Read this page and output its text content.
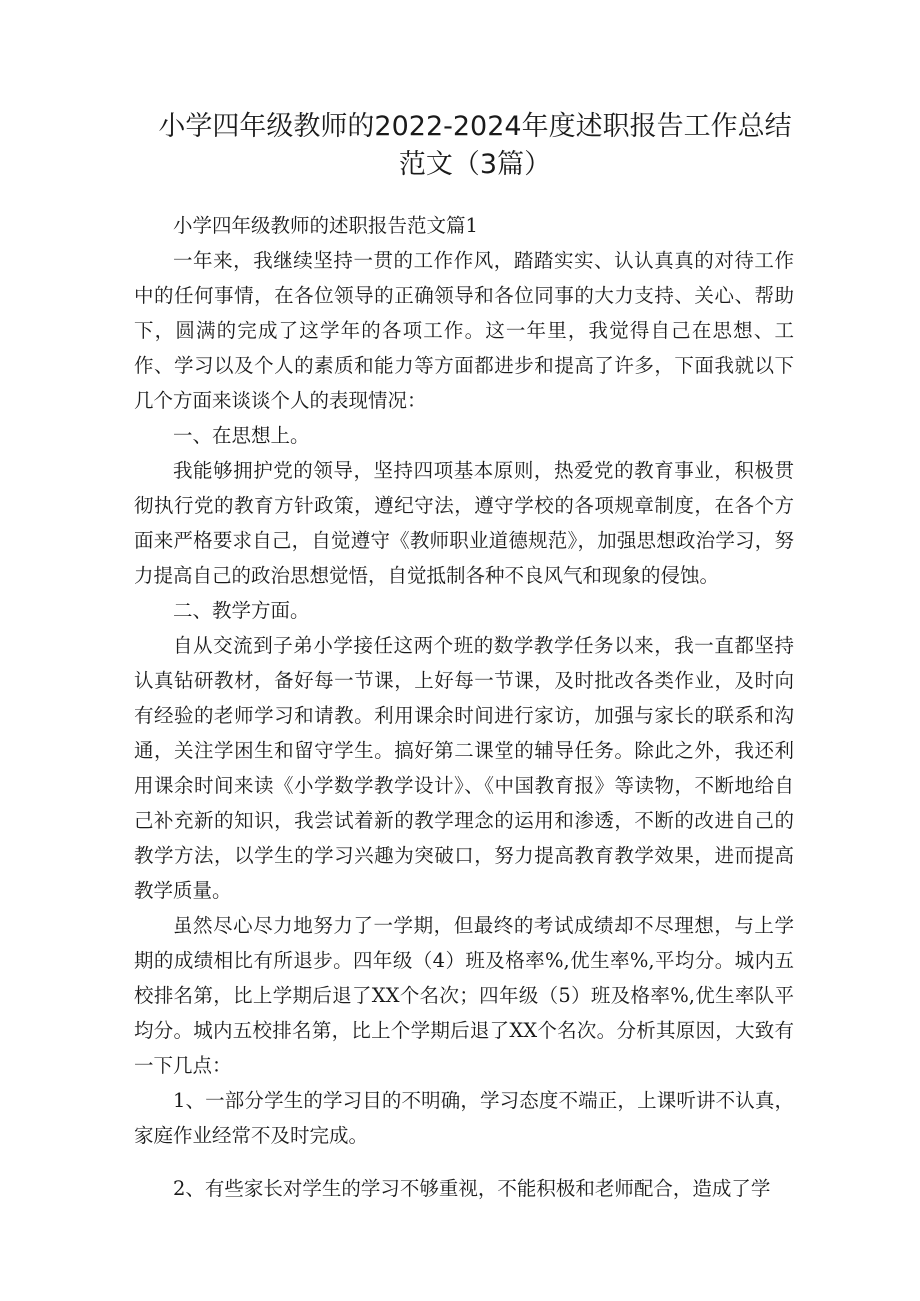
小学四年级教师的2022-2024年度述职报告工作总结范文（3篇）

小学四年级教师的述职报告范文篇1

一年来，我继续坚持一贯的工作作风，踏踏实实、认认真真的对待工作中的任何事情，在各位领导的正确领导和各位同事的大力支持、关心、帮助下，圆满的完成了这学年的各项工作。这一年里，我觉得自己在思想、工作、学习以及个人的素质和能力等方面都进步和提高了许多，下面我就以下几个方面来谈谈个人的表现情况：

一、在思想上。

我能够拥护党的领导，坚持四项基本原则，热爱党的教育事业，积极贯彻执行党的教育方针政策，遵纪守法，遵守学校的各项规章制度，在各个方面来严格要求自己，自觉遵守《教师职业道德规范》，加强思想政治学习，努力提高自己的政治思想觉悟，自觉抵制各种不良风气和现象的侵蚀。

二、教学方面。

自从交流到子弟小学接任这两个班的数学教学任务以来，我一直都坚持认真钻研教材，备好每一节课，上好每一节课，及时批改各类作业，及时向有经验的老师学习和请教。利用课余时间进行家访，加强与家长的联系和沟通，关注学困生和留守学生。搞好第二课堂的辅导任务。除此之外，我还利用课余时间来读《小学数学教学设计》、《中国教育报》等读物，不断地给自己补充新的知识，我尝试着新的教学理念的运用和渗透，不断的改进自己的教学方法，以学生的学习兴趣为突破口，努力提高教育教学效果，进而提高教学质量。

虽然尽心尽力地努力了一学期，但最终的考试成绩却不尽理想，与上学期的成绩相比有所退步。四年级（4）班及格率%,优生率%,平均分。城内五校排名第，比上学期后退了XX个名次；四年级（5）班及格率%,优生率队平均分。城内五校排名第，比上个学期后退了XX个名次。分析其原因，大致有一下几点：

1、一部分学生的学习目的不明确，学习态度不端正，上课听讲不认真，家庭作业经常不及时完成。

2、有些家长对学生的学习不够重视，不能积极和老师配合，造成了学
